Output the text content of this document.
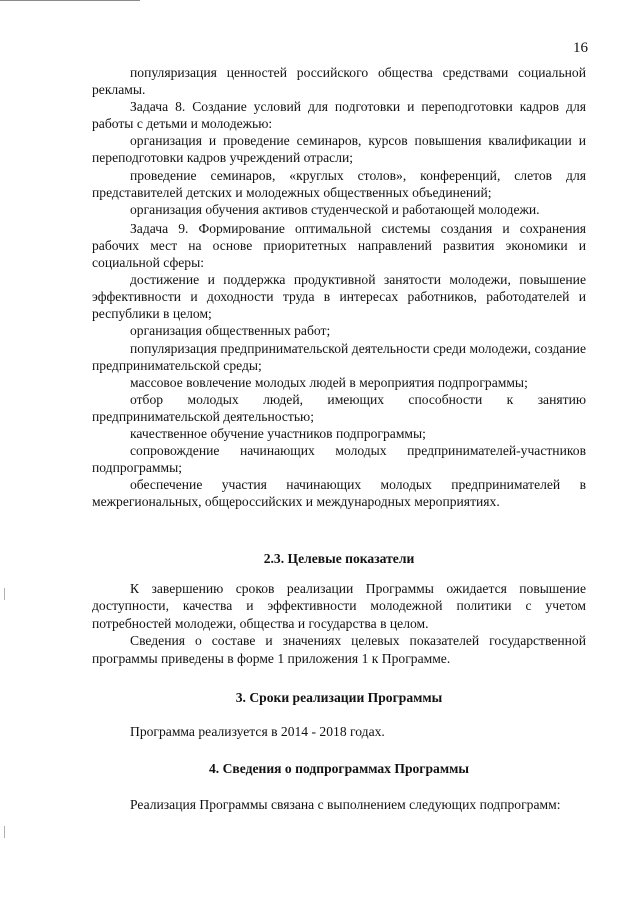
16

популяризация ценностей российского общества средствами социальной рекламы.

Задача 8. Создание условий для подготовки и переподготовки кадров для работы с детьми и молодежью:

организация и проведение семинаров, курсов повышения квалификации и переподготовки кадров учреждений отрасли;

проведение семинаров, «круглых столов», конференций, слетов для представителей детских и молодежных общественных объединений;

организация обучения активов студенческой и работающей молодежи.

Задача 9. Формирование оптимальной системы создания и сохранения рабочих мест на основе приоритетных направлений развития экономики и социальной сферы:

достижение и поддержка продуктивной занятости молодежи, повышение эффективности и доходности труда в интересах работников, работодателей и республики в целом;

организация общественных работ;

популяризация предпринимательской деятельности среди молодежи, создание предпринимательской среды;

массовое вовлечение молодых людей в мероприятия подпрограммы;

отбор молодых людей, имеющих способности к занятию предпринимательской деятельностью;

качественное обучение участников подпрограммы;

сопровождение начинающих молодых предпринимателей-участников подпрограммы;

обеспечение участия начинающих молодых предпринимателей в межрегиональных, общероссийских и международных мероприятиях.

2.3. Целевые показатели

К завершению сроков реализации Программы ожидается повышение доступности, качества и эффективности молодежной политики с учетом потребностей молодежи, общества и государства в целом.

Сведения о составе и значениях целевых показателей государственной программы приведены в форме 1 приложения 1 к Программе.

3. Сроки реализации Программы

Программа реализуется в 2014 - 2018 годах.

4. Сведения о подпрограммах Программы

Реализация Программы связана с выполнением следующих подпрограмм:
